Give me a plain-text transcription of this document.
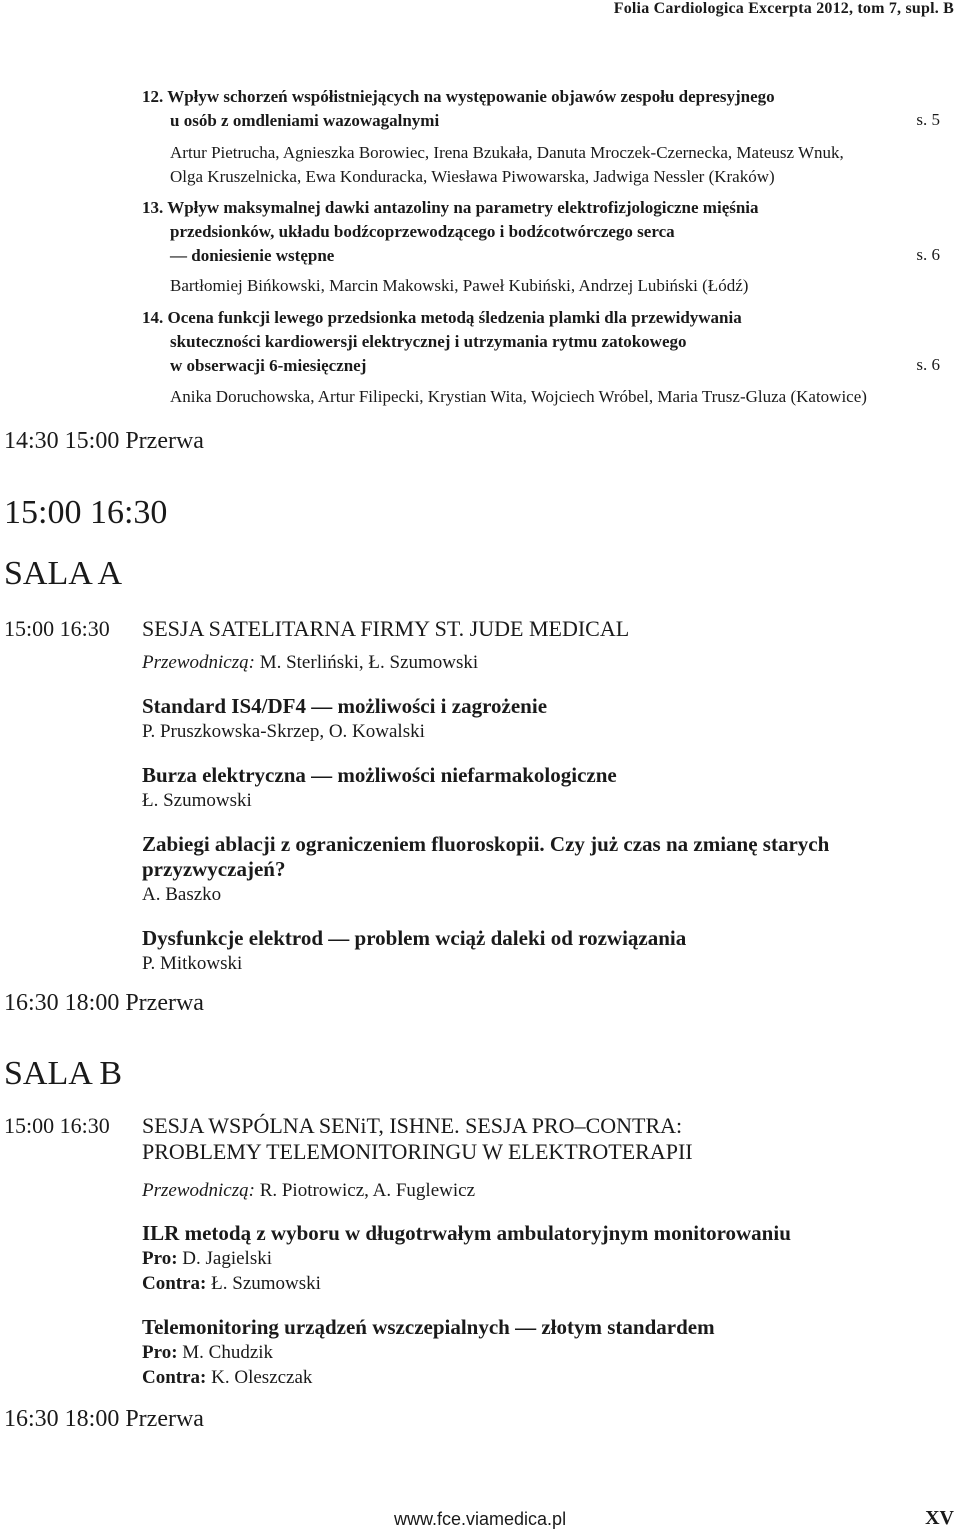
Folia Cardiologica Excerpta 2012, tom 7, supl. B
12. Wpływ schorzeń współistniejących na występowanie objawów zespołu depresyjnego
u osób z omdleniami wazowagalnymi	s. 5
Artur Pietrucha, Agnieszka Borowiec, Irena Bzukała, Danuta Mroczek-Czernecka, Mateusz Wnuk,
Olga Kruszelnicka, Ewa Konduracka, Wiesława Piwowarska, Jadwiga Nessler (Kraków)
13. Wpływ maksymalnej dawki antazoliny na parametry elektrofizjologiczne mięśnia
przedsionków, układu bodźcoprzewodzącego i bodźcotwórczego serca
— doniesienie wstępne	s. 6
Bartłomiej Bińkowski, Marcin Makowski, Paweł Kubiński, Andrzej Lubiński (Łódź)
14. Ocena funkcji lewego przedsionka metodą śledzenia plamki dla przewidywania
skuteczności kardiowersji elektrycznej i utrzymania rytmu zatokowego
w obserwacji 6-miesięcznej	s. 6
Anika Doruchowska, Artur Filipecki, Krystian Wita, Wojciech Wróbel, Maria Trusz-Gluza (Katowice)
14:30 15:00 Przerwa
15:00 16:30
SALA A
15:00 16:30 SESJA SATELITARNA FIRMY ST. JUDE MEDICAL
Przewodniczą: M. Sterliński, Ł. Szumowski
Standard IS4/DF4 — możliwości i zagrożenie
P. Pruszkowska-Skrzep, O. Kowalski
Burza elektryczna — możliwości niefarmakologiczne
Ł. Szumowski
Zabiegi ablacji z ograniczeniem fluoroskopii. Czy już czas na zmianę starych
przyzwyczajeń?
A. Baszko
Dysfunkcje elektrod — problem wciąż daleki od rozwiązania
P. Mitkowski
16:30 18:00 Przerwa
SALA B
15:00 16:30 SESJA WSPÓLNA SENiT, ISHNE. SESJA PRO–CONTRA:
PROBLEMY TELEMONITORINGU W ELEKTROTERAPII
Przewodniczą: R. Piotrowicz, A. Fuglewicz
ILR metodą z wyboru w długotrwałym ambulatoryjnym monitorowaniu
Pro: D. Jagielski
Contra: Ł. Szumowski
Telemonitoring urządzeń wszczepialnych — złotym standardem
Pro: M. Chudzik
Contra: K. Oleszczak
16:30 18:00 Przerwa
www.fce.viamedica.pl	XV
